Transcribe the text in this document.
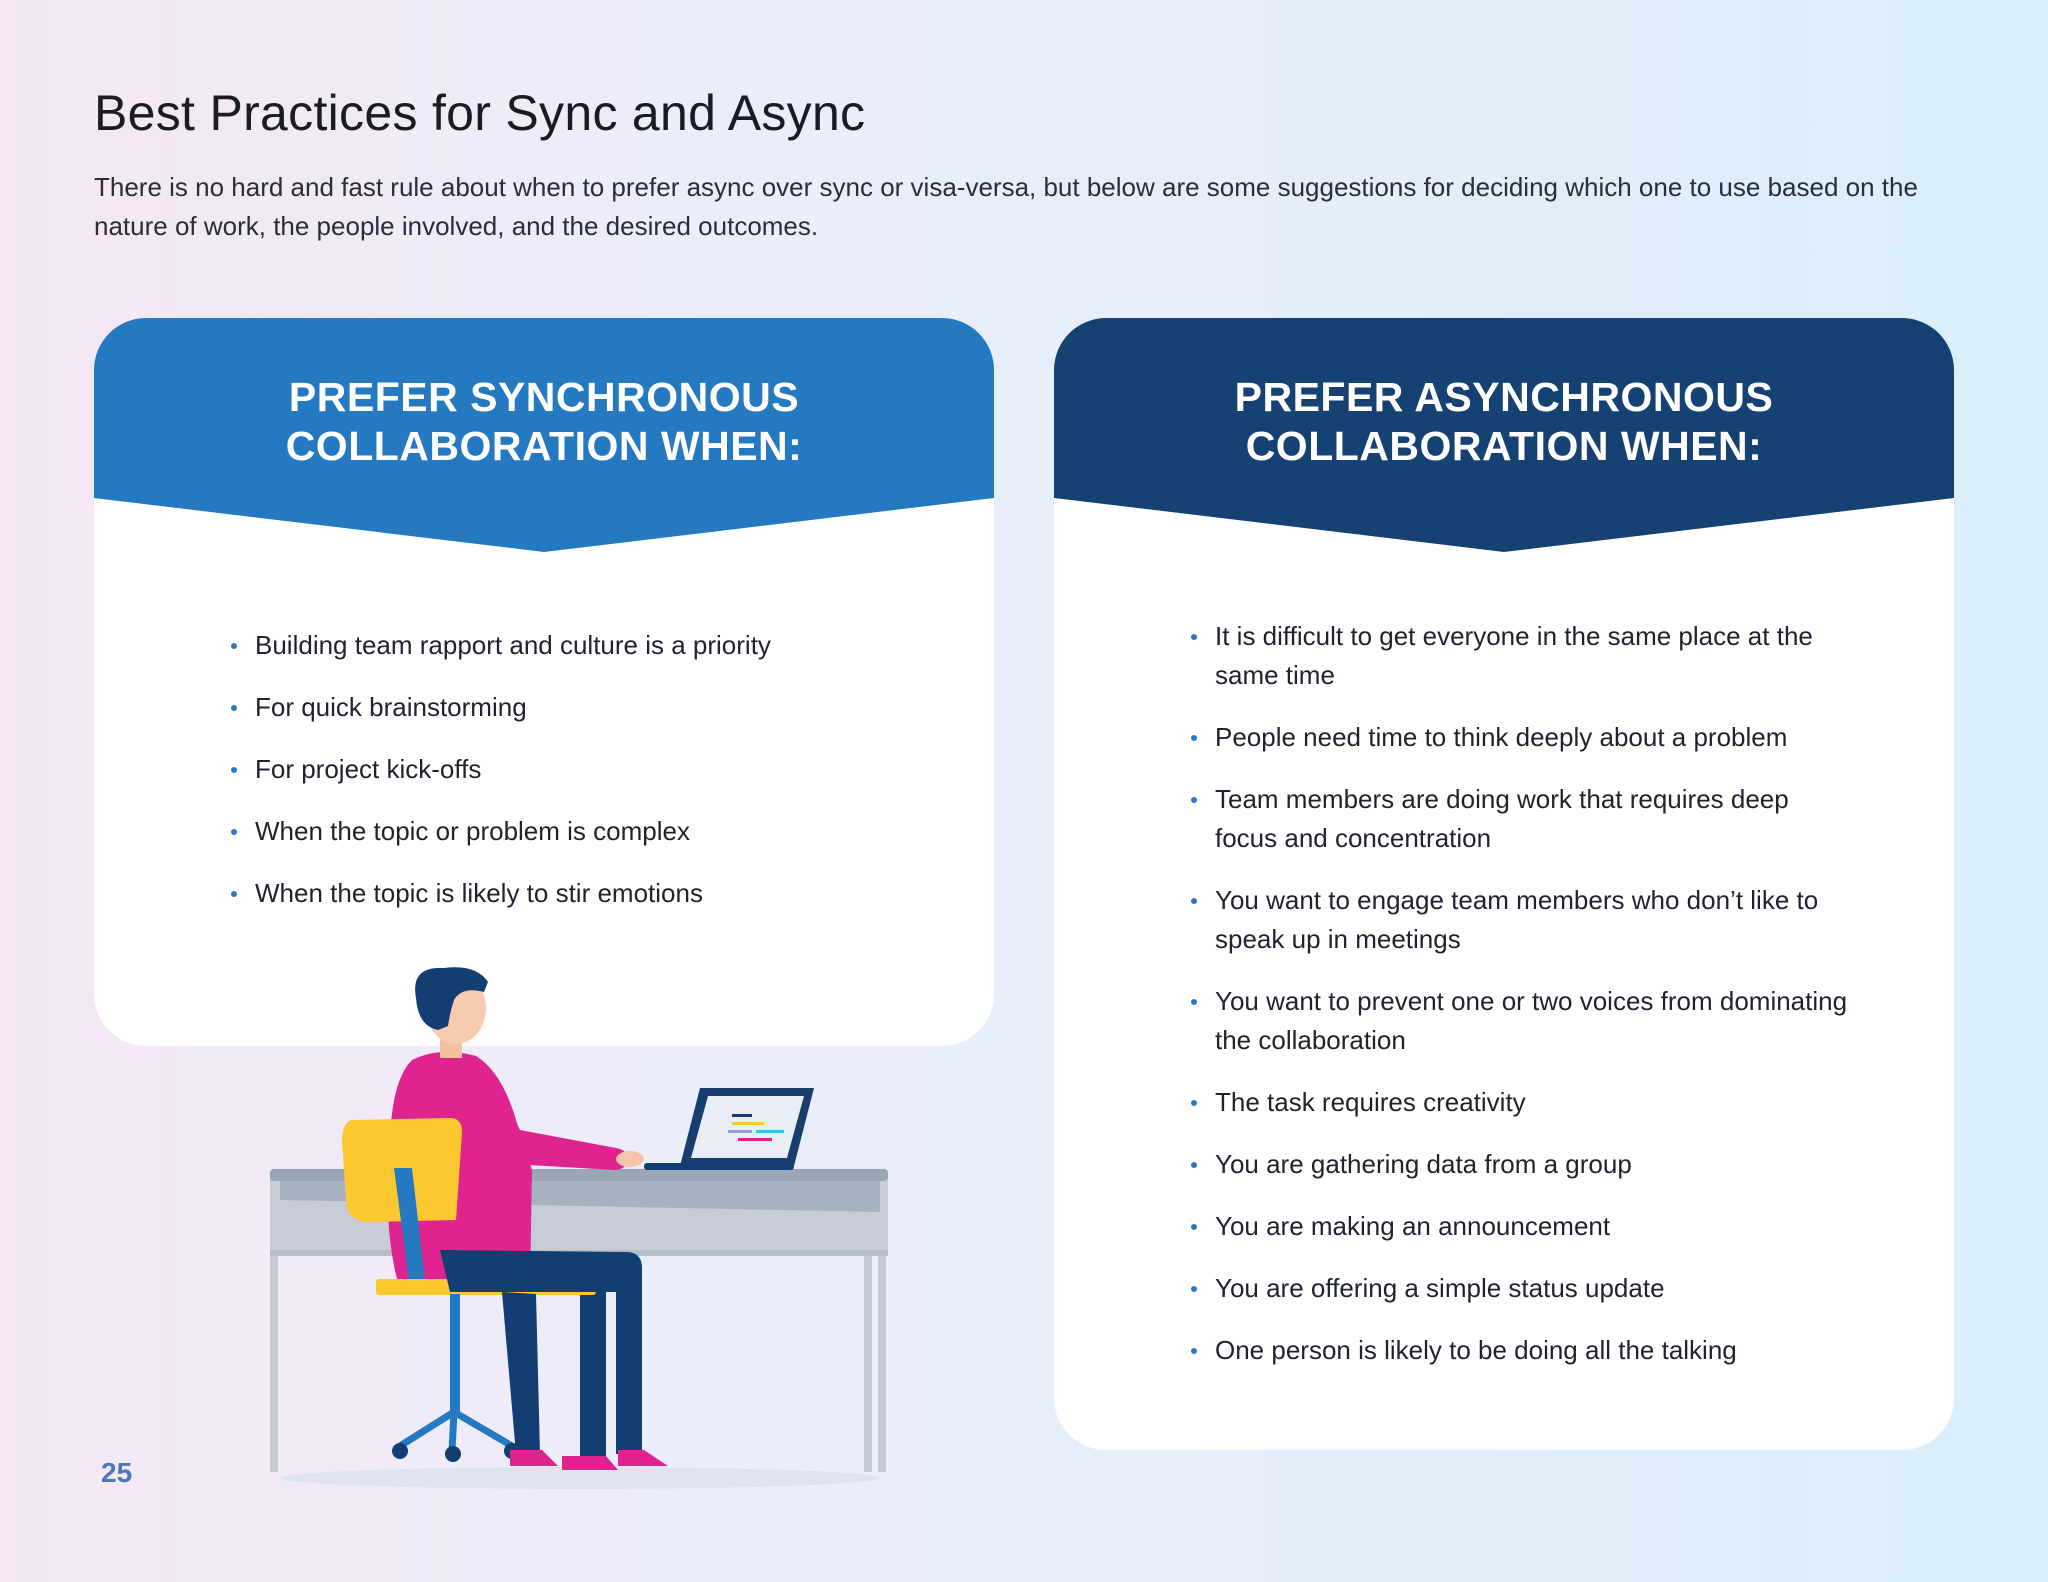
Best Practices for Sync and Async

There is no hard and fast rule about when to prefer async over sync or visa-versa, but below are some suggestions for deciding which one to use based on the nature of work, the people involved, and the desired outcomes.

PREFER SYNCHRONOUS
COLLABORATION WHEN:
Building team rapport and culture is a priority
For quick brainstorming
For project kick-offs
When the topic or problem is complex
When the topic is likely to stir emotions
PREFER ASYNCHRONOUS
COLLABORATION WHEN:
It is difficult to get everyone in the same place at the same time
People need time to think deeply about a problem
Team members are doing work that requires deep focus and concentration
You want to engage team members who don’t like to speak up in meetings
You want to prevent one or two voices from dominating the collaboration
The task requires creativity
You are gathering data from a group
You are making an announcement
You are offering a simple status update
One person is likely to be doing all the talking
25
